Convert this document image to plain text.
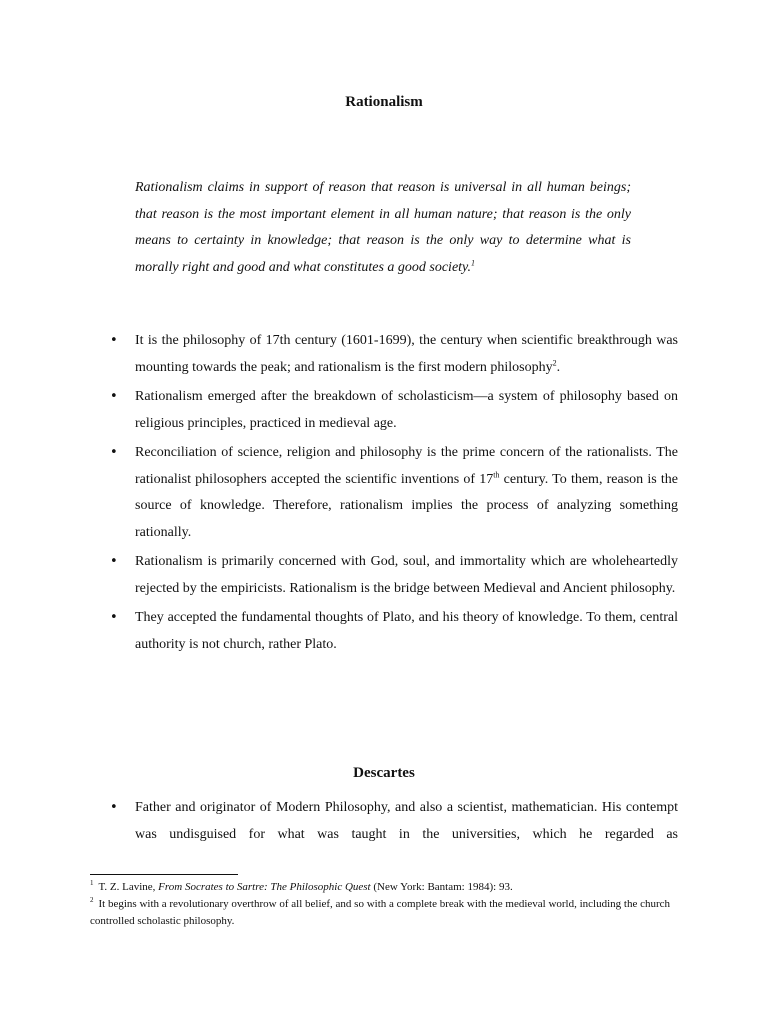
Rationalism
Rationalism claims in support of reason that reason is universal in all human beings; that reason is the most important element in all human nature; that reason is the only means to certainty in knowledge; that reason is the only way to determine what is morally right and good and what constitutes a good society.$^1$

• It is the philosophy of 17th century (1601-1699), the century when scientific breakthrough was mounting towards the peak; and rationalism is the first modern philosophy$^2$.

• Rationalism emerged after the breakdown of scholasticism—a system of philosophy based on religious principles, practiced in medieval age.

• Reconciliation of science, religion and philosophy is the prime concern of the rationalists. The rationalist philosophers accepted the scientific inventions of 17th century. To them, reason is the source of knowledge. Therefore, rationalism implies the process of analyzing something rationally.

• Rationalism is primarily concerned with God, soul, and immortality which are wholeheartedly rejected by the empiricists. Rationalism is the bridge between Medieval and Ancient philosophy.

• They accepted the fundamental thoughts of Plato, and his theory of knowledge. To them, central authority is not church, rather Plato.

Descartes

• Father and originator of Modern Philosophy, and also a scientist, mathematician. His contempt was undisguised for what was taught in the universities, which he regarded as

$^1$ T. Z. Lavine, From Socrates to Sartre: The Philosophic Quest (New York: Bantam: 1984): 93.

$^2$ It begins with a revolutionary overthrow of all belief, and so with a complete break with the medieval world, including the church controlled scholastic philosophy.
